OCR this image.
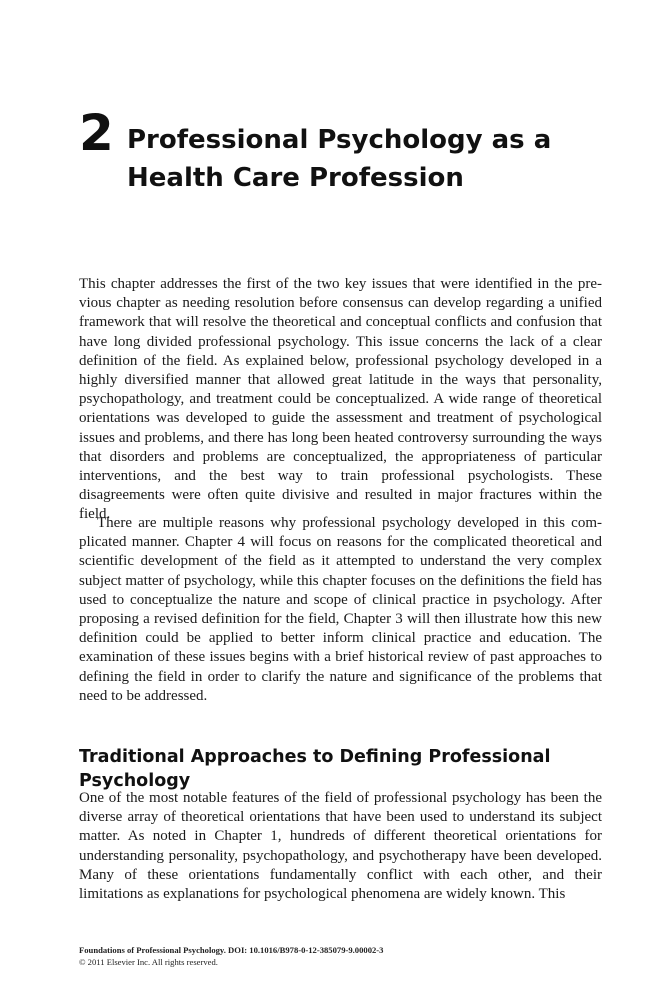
2 Professional Psychology as a Health Care Profession

This chapter addresses the first of the two key issues that were identified in the previous chapter as needing resolution before consensus can develop regarding a unified framework that will resolve the theoretical and conceptual conflicts and confusion that have long divided professional psychology. This issue concerns the lack of a clear definition of the field. As explained below, professional psychology developed in a highly diversified manner that allowed great latitude in the ways that personality, psychopathology, and treatment could be conceptualized. A wide range of theoretical orientations was developed to guide the assessment and treatment of psychological issues and problems, and there has long been heated controversy surrounding the ways that disorders and problems are conceptualized, the appropriateness of particular interventions, and the best way to train professional psychologists. These disagreements were often quite divisive and resulted in major fractures within the field.

There are multiple reasons why professional psychology developed in this complicated manner. Chapter 4 will focus on reasons for the complicated theoretical and scientific development of the field as it attempted to understand the very complex subject matter of psychology, while this chapter focuses on the definitions the field has used to conceptualize the nature and scope of clinical practice in psychology. After proposing a revised definition for the field, Chapter 3 will then illustrate how this new definition could be applied to better inform clinical practice and education. The examination of these issues begins with a brief historical review of past approaches to defining the field in order to clarify the nature and significance of the problems that need to be addressed.

Traditional Approaches to Defining Professional Psychology

One of the most notable features of the field of professional psychology has been the diverse array of theoretical orientations that have been used to understand its subject matter. As noted in Chapter 1, hundreds of different theoretical orientations for understanding personality, psychopathology, and psychotherapy have been developed. Many of these orientations fundamentally conflict with each other, and their limitations as explanations for psychological phenomena are widely known. This

Foundations of Professional Psychology. DOI: 10.1016/B978-0-12-385079-9.00002-3
© 2011 Elsevier Inc. All rights reserved.
